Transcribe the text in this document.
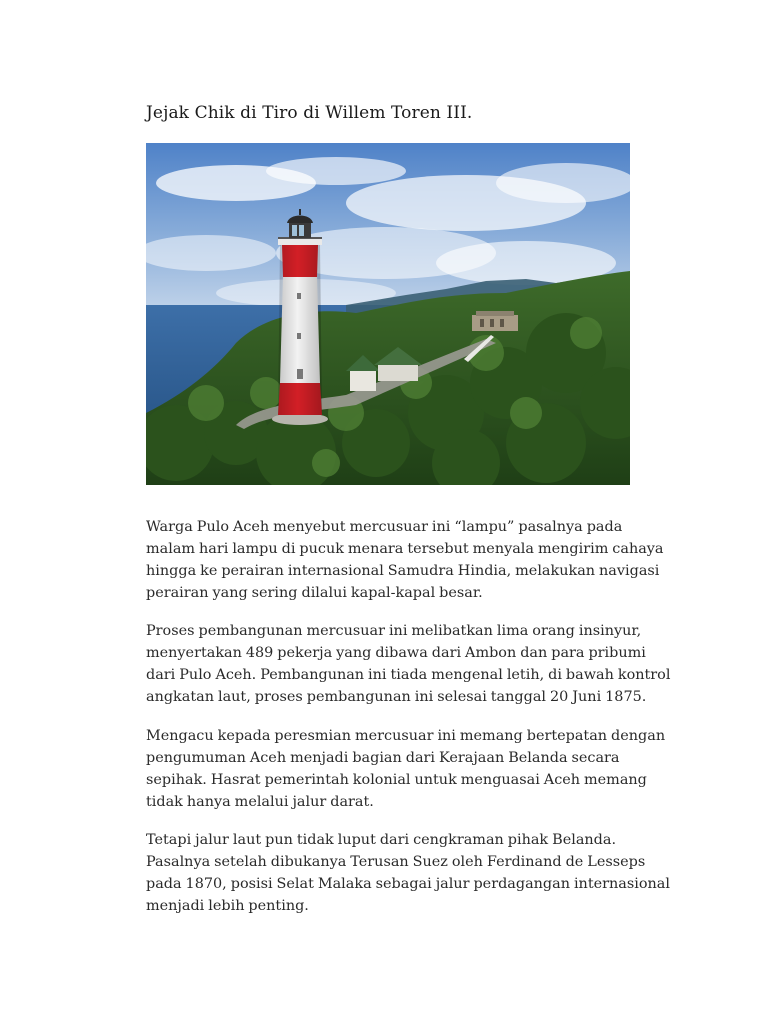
Jejak Chik di Tiro di Willem Toren III.

Warga Pulo Aceh menyebut mercusuar ini “lampu” pasalnya pada
malam hari lampu di pucuk menara tersebut menyala mengirim cahaya
hingga ke perairan internasional Samudra Hindia, melakukan navigasi
perairan yang sering dilalui kapal-kapal besar.

Proses pembangunan mercusuar ini melibatkan lima orang insinyur,
menyertakan 489 pekerja yang dibawa dari Ambon dan para pribumi
dari Pulo Aceh. Pembangunan ini tiada mengenal letih, di bawah kontrol
angkatan laut, proses pembangunan ini selesai tanggal 20 Juni 1875.

Mengacu kepada peresmian mercusuar ini memang bertepatan dengan
pengumuman Aceh menjadi bagian dari Kerajaan Belanda secara
sepihak. Hasrat pemerintah kolonial untuk menguasai Aceh memang
tidak hanya melalui jalur darat.

Tetapi jalur laut pun tidak luput dari cengkraman pihak Belanda.
Pasalnya setelah dibukanya Terusan Suez oleh Ferdinand de Lesseps
pada 1870, posisi Selat Malaka sebagai jalur perdagangan internasional
menjadi lebih penting.
